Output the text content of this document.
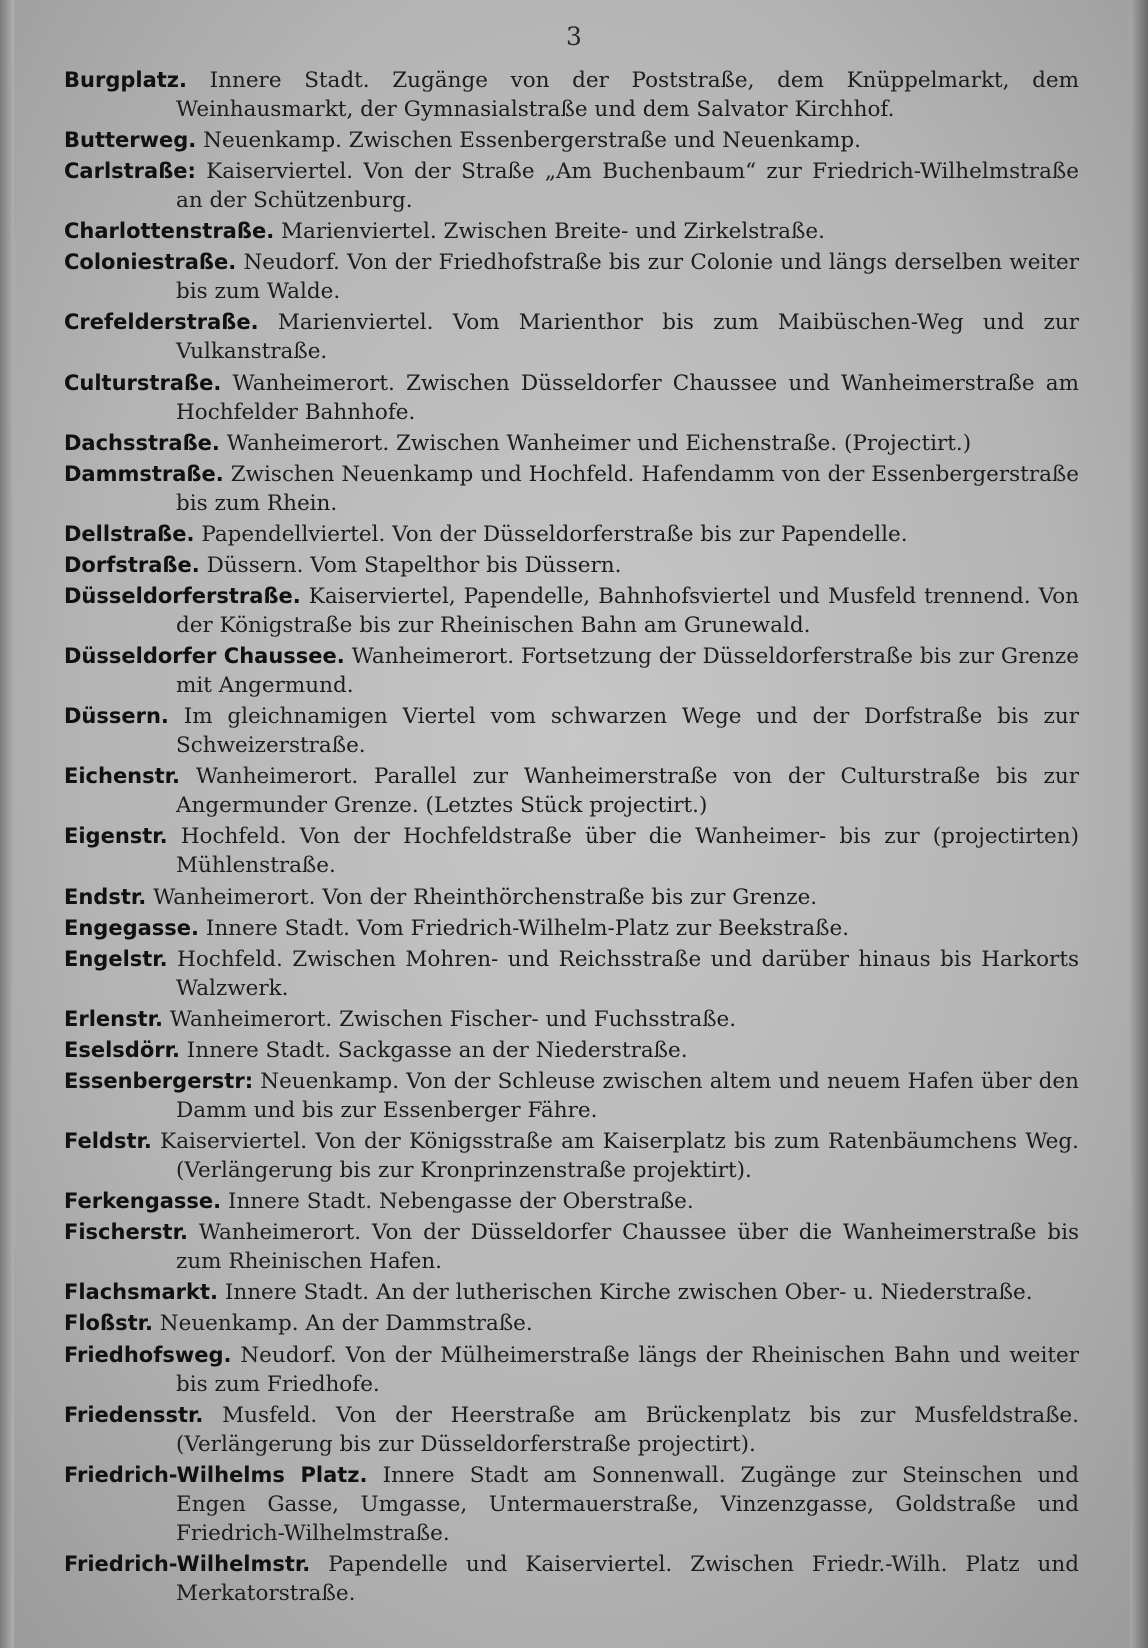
3

Burgplatz. Innere Stadt. Zugänge von der Poststraße, dem Knüppelmarkt, dem Weinhausmarkt, der Gymnasialstraße und dem Salvator Kirchhof.

Butterweg. Neuenkamp. Zwischen Essenbergerstraße und Neuenkamp.

Carlstraße: Kaiserviertel. Von der Straße „Am Buchenbaum“ zur Friedrich-Wilhelmstraße an der Schützenburg.

Charlottenstraße. Marienviertel. Zwischen Breite- und Zirkelstraße.

Coloniestraße. Neudorf. Von der Friedhofstraße bis zur Colonie und längs derselben weiter bis zum Walde.

Crefelderstraße. Marienviertel. Vom Marienthor bis zum Maibüschen-Weg und zur Vulkanstraße.

Culturstraße. Wanheimerort. Zwischen Düsseldorfer Chaussee und Wanheimerstraße am Hochfelder Bahnhofe.

Dachsstraße. Wanheimerort. Zwischen Wanheimer und Eichenstraße. (Projectirt.)

Dammstraße. Zwischen Neuenkamp und Hochfeld. Hafendamm von der Essenbergerstraße bis zum Rhein.

Dellstraße. Papendellviertel. Von der Düsseldorferstraße bis zur Papendelle.

Dorfstraße. Düssern. Vom Stapelthor bis Düssern.

Düsseldorferstraße. Kaiserviertel, Papendelle, Bahnhofsviertel und Musfeld trennend. Von der Königstraße bis zur Rheinischen Bahn am Grunewald.

Düsseldorfer Chaussee. Wanheimerort. Fortsetzung der Düsseldorferstraße bis zur Grenze mit Angermund.

Düssern. Im gleichnamigen Viertel vom schwarzen Wege und der Dorfstraße bis zur Schweizerstraße.

Eichenstr. Wanheimerort. Parallel zur Wanheimerstraße von der Culturstraße bis zur Angermunder Grenze. (Letztes Stück projectirt.)

Eigenstr. Hochfeld. Von der Hochfeldstraße über die Wanheimer- bis zur (projectirten) Mühlenstraße.

Endstr. Wanheimerort. Von der Rheinthörchenstraße bis zur Grenze.

Engegasse. Innere Stadt. Vom Friedrich-Wilhelm-Platz zur Beekstraße.

Engelstr. Hochfeld. Zwischen Mohren- und Reichsstraße und darüber hinaus bis Harkorts Walzwerk.

Erlenstr. Wanheimerort. Zwischen Fischer- und Fuchsstraße.

Eselsdörr. Innere Stadt. Sackgasse an der Niederstraße.

Essenbergerstr: Neuenkamp. Von der Schleuse zwischen altem und neuem Hafen über den Damm und bis zur Essenberger Fähre.

Feldstr. Kaiserviertel. Von der Königsstraße am Kaiserplatz bis zum Ratenbäumchens Weg. (Verlängerung bis zur Kronprinzenstraße projektirt).

Ferkengasse. Innere Stadt. Nebengasse der Oberstraße.

Fischerstr. Wanheimerort. Von der Düsseldorfer Chaussee über die Wanheimerstraße bis zum Rheinischen Hafen.

Flachsmarkt. Innere Stadt. An der lutherischen Kirche zwischen Ober- u. Niederstraße.

Floßstr. Neuenkamp. An der Dammstraße.

Friedhofsweg. Neudorf. Von der Mülheimerstraße längs der Rheinischen Bahn und weiter bis zum Friedhofe.

Friedensstr. Musfeld. Von der Heerstraße am Brückenplatz bis zur Musfeldstraße. (Verlängerung bis zur Düsseldorferstraße projectirt).

Friedrich-Wilhelms Platz. Innere Stadt am Sonnenwall. Zugänge zur Steinschen und Engen Gasse, Umgasse, Untermauerstraße, Vinzenzgasse, Goldstraße und Friedrich-Wilhelmstraße.

Friedrich-Wilhelmstr. Papendelle und Kaiserviertel. Zwischen Friedr.-Wilh. Platz und Merkatorstraße.
